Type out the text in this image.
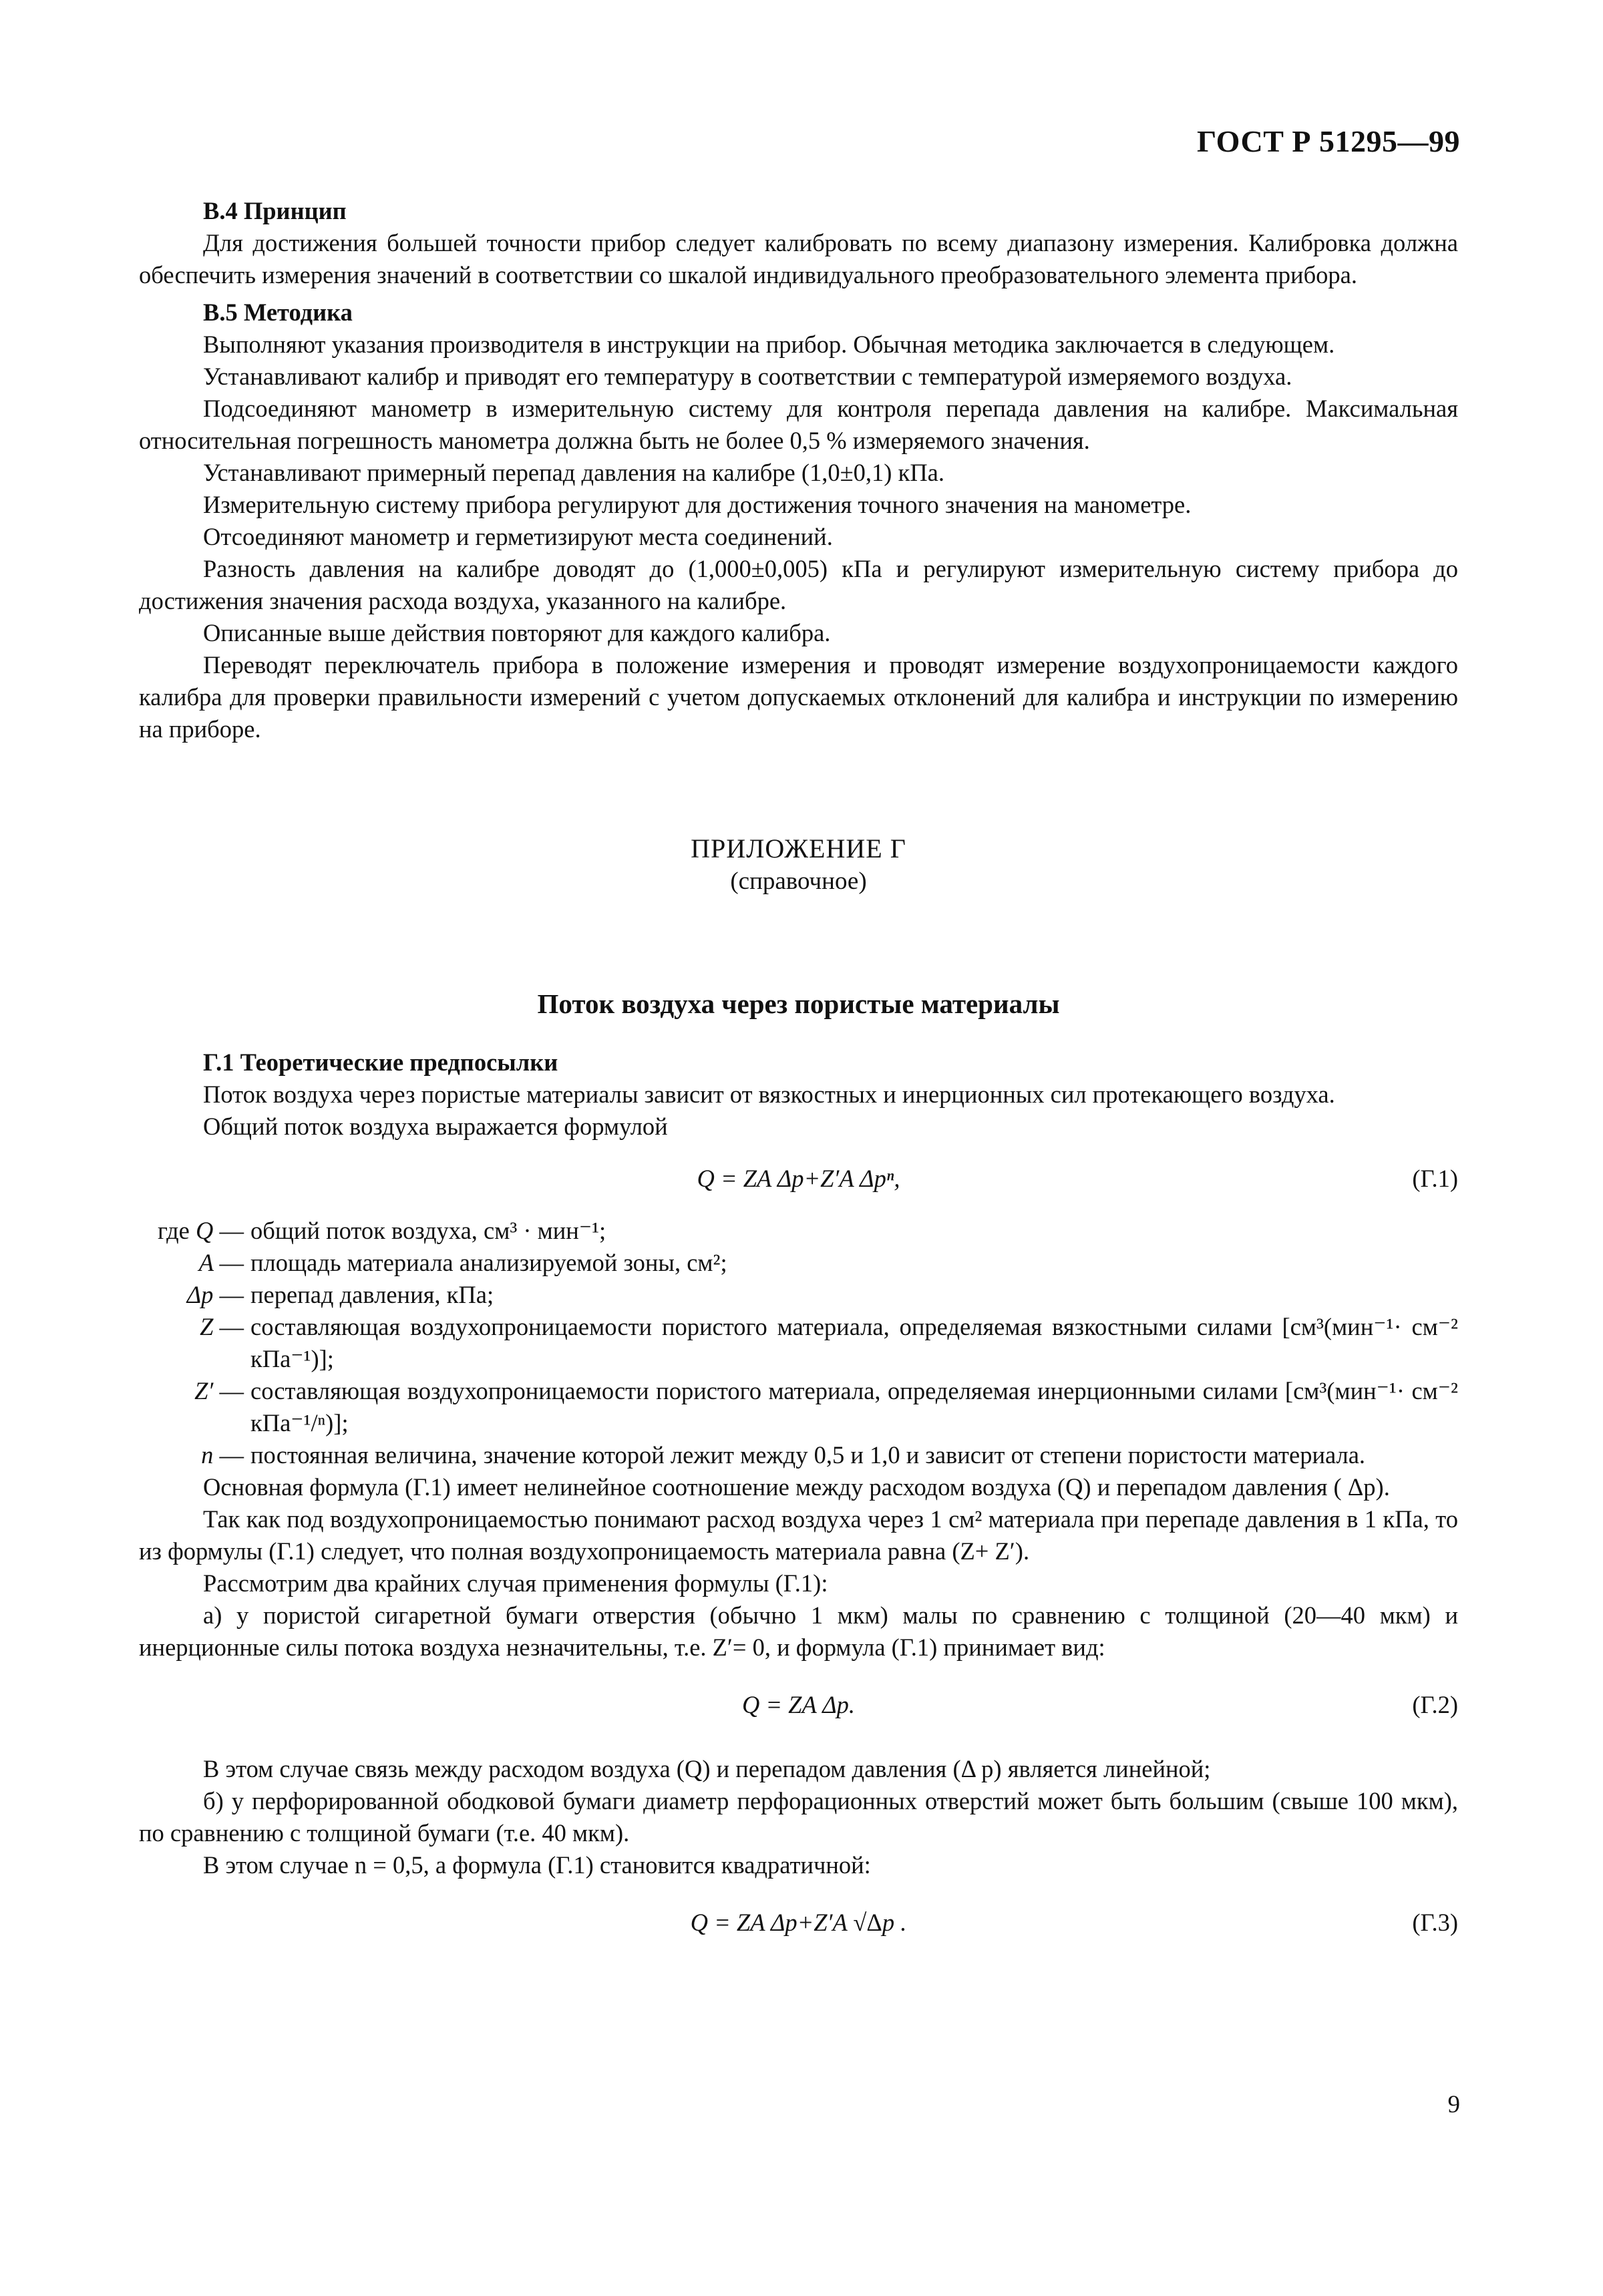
ГОСТ Р 51295—99

В.4 Принцип

Для достижения большей точности прибор следует калибровать по всему диапазону измерения. Калибровка должна обеспечить измерения значений в соответствии со шкалой индивидуального преобразовательного элемента прибора.

В.5 Методика

Выполняют указания производителя в инструкции на прибор. Обычная методика заключается в следующем.

Устанавливают калибр и приводят его температуру в соответствии с температурой измеряемого воздуха.

Подсоединяют манометр в измерительную систему для контроля перепада давления на калибре. Максимальная относительная погрешность манометра должна быть не более 0,5 % измеряемого значения.

Устанавливают примерный перепад давления на калибре (1,0±0,1) кПа.

Измерительную систему прибора регулируют для достижения точного значения на манометре.

Отсоединяют манометр и герметизируют места соединений.

Разность давления на калибре доводят до (1,000±0,005) кПа и регулируют измерительную систему прибора до достижения значения расхода воздуха, указанного на калибре.

Описанные выше действия повторяют для каждого калибра.

Переводят переключатель прибора в положение измерения и проводят измерение воздухопроницаемости каждого калибра для проверки правильности измерений с учетом допускаемых отклонений для калибра и инструкции по измерению на приборе.

ПРИЛОЖЕНИЕ Г
(справочное)
Поток воздуха через пористые материалы

Г.1 Теоретические предпосылки

Поток воздуха через пористые материалы зависит от вязкостных и инерционных сил протекающего воздуха.

Общий поток воздуха выражается формулой

Q = ZA Δp+Z′A Δpⁿ,	(Г.1)
где Q — общий поток воздуха, см³ · мин⁻¹;
A — площадь материала анализируемой зоны, см²;
Δp — перепад давления, кПа;
Z — составляющая воздухопроницаемости пористого материала, определяемая вязкостными силами [см³(мин⁻¹· см⁻² кПа⁻¹)];
Z′ — составляющая воздухопроницаемости пористого материала, определяемая инерционными силами [см³(мин⁻¹· см⁻² кПа⁻¹/ⁿ)];
n — постоянная величина, значение которой лежит между 0,5 и 1,0 и зависит от степени пористости материала.

Основная формула (Г.1) имеет нелинейное соотношение между расходом воздуха (Q) и перепадом давления ( Δp).

Так как под воздухопроницаемостью понимают расход воздуха через 1 см² материала при перепаде давления в 1 кПа, то из формулы (Г.1) следует, что полная воздухопроницаемость материала равна (Z+ Z′).

Рассмотрим два крайних случая применения формулы (Г.1):

а) у пористой сигаретной бумаги отверстия (обычно 1 мкм) малы по сравнению с толщиной (20—40 мкм) и инерционные силы потока воздуха незначительны, т.е. Z′= 0, и формула (Г.1) принимает вид:

Q = ZA Δp.	(Г.2)

В этом случае связь между расходом воздуха (Q) и перепадом давления (Δ p) является линейной;

б) у перфорированной ободковой бумаги диаметр перфорационных отверстий может быть большим (свыше 100 мкм), по сравнению с толщиной бумаги (т.е. 40 мкм).

В этом случае n = 0,5, а формула (Г.1) становится квадратичной:

Q = ZA Δp+Z′A √Δp .	(Г.3)
9
